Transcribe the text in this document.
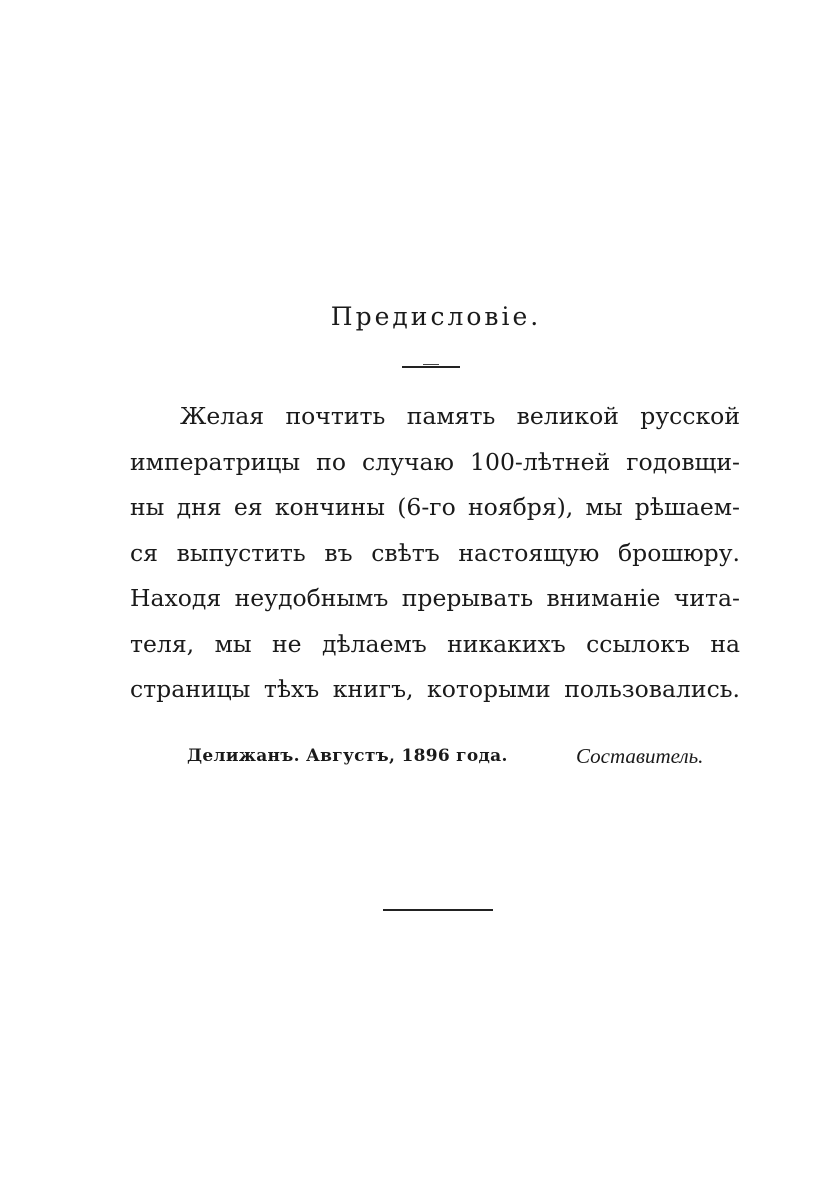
Предисловіе.
Желая почтить память великой русской
императрицы по случаю 100-лѣтней годовщи-
ны дня ея кончины (6-го ноября), мы рѣшаем-
ся выпустить въ свѣтъ настоящую брошюру.
Находя неудобнымъ прерывать вниманіе чита-
теля, мы не дѣлаемъ никакихъ ссылокъ на
страницы тѣхъ книгъ, которыми пользовались.
Делижанъ. Августъ, 1896 года.	Составитель.
